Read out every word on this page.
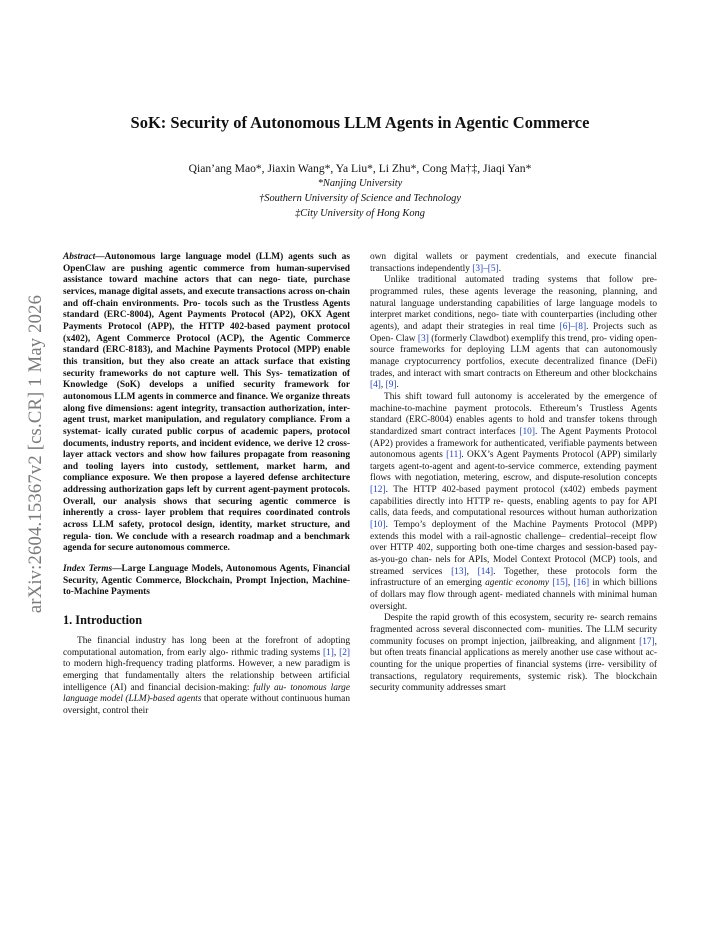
arXiv:2604.15367v2 [cs.CR] 1 May 2026
SoK: Security of Autonomous LLM Agents in Agentic Commerce
Qian’ang Mao*, Jiaxin Wang*, Ya Liu*, Li Zhu*, Cong Ma†‡, Jiaqi Yan*
*Nanjing University
†Southern University of Science and Technology
‡City University of Hong Kong

Abstract—Autonomous large language model (LLM) agents such as OpenClaw are pushing agentic commerce from human-supervised assistance toward machine actors that can nego- tiate, purchase services, manage digital assets, and execute transactions across on-chain and off-chain environments. Pro- tocols such as the Trustless Agents standard (ERC-8004), Agent Payments Protocol (AP2), OKX Agent Payments Protocol (APP), the HTTP 402-based payment protocol (x402), Agent Commerce Protocol (ACP), the Agentic Commerce standard (ERC-8183), and Machine Payments Protocol (MPP) enable this transition, but they also create an attack surface that existing security frameworks do not capture well. This Sys- tematization of Knowledge (SoK) develops a unified security framework for autonomous LLM agents in commerce and finance. We organize threats along five dimensions: agent integrity, transaction authorization, inter-agent trust, market manipulation, and regulatory compliance. From a systemat- ically curated public corpus of academic papers, protocol documents, industry reports, and incident evidence, we derive 12 cross-layer attack vectors and show how failures propagate from reasoning and tooling layers into custody, settlement, market harm, and compliance exposure. We then propose a layered defense architecture addressing authorization gaps left by current agent-payment protocols. Overall, our analysis shows that securing agentic commerce is inherently a cross- layer problem that requires coordinated controls across LLM safety, protocol design, identity, market structure, and regula- tion. We conclude with a research roadmap and a benchmark agenda for secure autonomous commerce.

Index Terms—Large Language Models, Autonomous Agents, Financial Security, Agentic Commerce, Blockchain, Prompt Injection, Machine-to-Machine Payments

1. Introduction

The financial industry has long been at the forefront of adopting computational automation, from early algo- rithmic trading systems [1], [2] to modern high-frequency trading platforms. However, a new paradigm is emerging that fundamentally alters the relationship between artificial intelligence (AI) and financial decision-making: fully au- tonomous large language model (LLM)-based agents that operate without continuous human oversight, control their

own digital wallets or payment credentials, and execute financial transactions independently [3]–[5].

Unlike traditional automated trading systems that follow pre-programmed rules, these agents leverage the reasoning, planning, and natural language understanding capabilities of large language models to interpret market conditions, nego- tiate with counterparties (including other agents), and adapt their strategies in real time [6]–[8]. Projects such as Open- Claw [3] (formerly Clawdbot) exemplify this trend, pro- viding open-source frameworks for deploying LLM agents that can autonomously manage cryptocurrency portfolios, execute decentralized finance (DeFi) trades, and interact with smart contracts on Ethereum and other blockchains [4], [9].

This shift toward full autonomy is accelerated by the emergence of machine-to-machine payment protocols. Ethereum’s Trustless Agents standard (ERC-8004) enables agents to hold and transfer tokens through standardized smart contract interfaces [10]. The Agent Payments Protocol (AP2) provides a framework for authenticated, verifiable payments between autonomous agents [11]. OKX’s Agent Payments Protocol (APP) similarly targets agent-to-agent and agent-to-service commerce, extending payment flows with negotiation, metering, escrow, and dispute-resolution concepts [12]. The HTTP 402-based payment protocol (x402) embeds payment capabilities directly into HTTP re- quests, enabling agents to pay for API calls, data feeds, and computational resources without human authorization [10]. Tempo’s deployment of the Machine Payments Protocol (MPP) extends this model with a rail-agnostic challenge– credential–receipt flow over HTTP 402, supporting both one-time charges and session-based pay-as-you-go chan- nels for APIs, Model Context Protocol (MCP) tools, and streamed services [13], [14]. Together, these protocols form the infrastructure of an emerging agentic economy [15], [16] in which billions of dollars may flow through agent- mediated channels with minimal human oversight.

Despite the rapid growth of this ecosystem, security re- search remains fragmented across several disconnected com- munities. The LLM security community focuses on prompt injection, jailbreaking, and alignment [17], but often treats financial applications as merely another use case without ac- counting for the unique properties of financial systems (irre- versibility of transactions, regulatory requirements, systemic risk). The blockchain security community addresses smart
